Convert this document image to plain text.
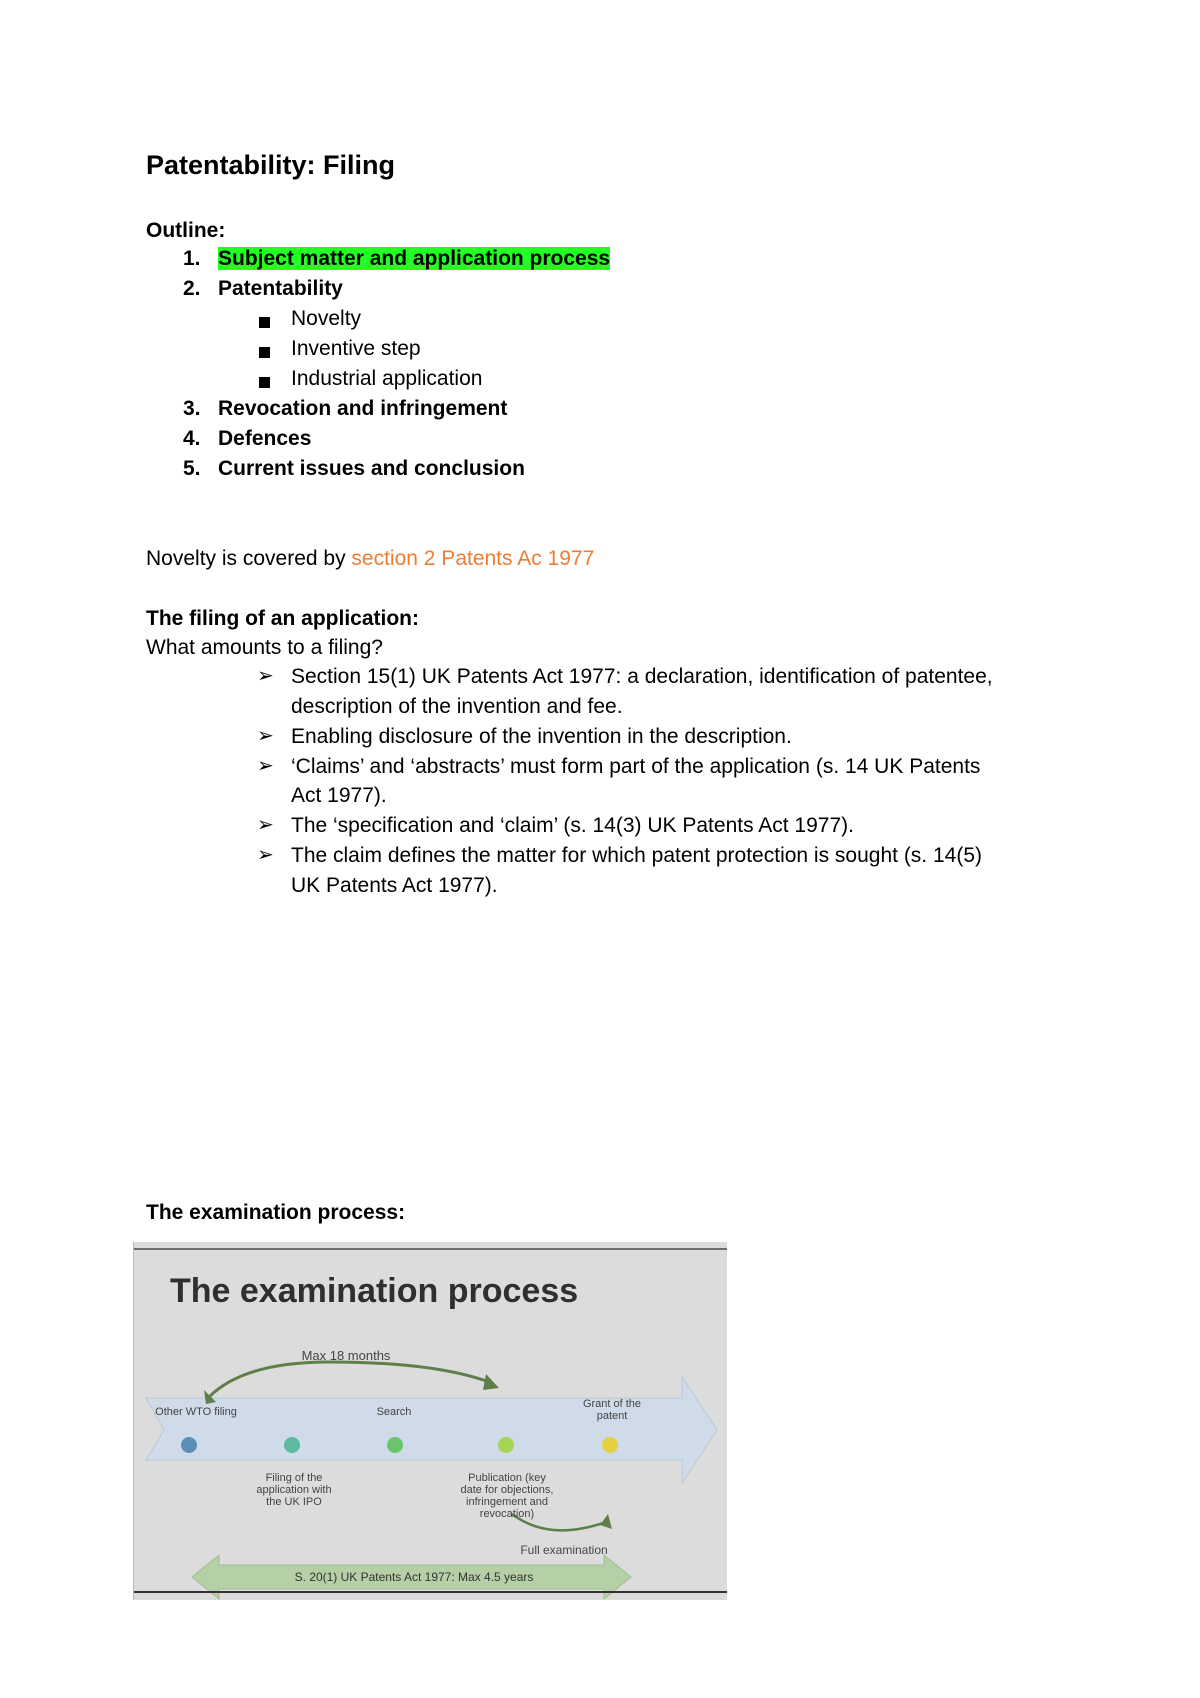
Patentability: Filing
Outline:
1. Subject matter and application process
2. Patentability
Novelty
Inventive step
Industrial application
3. Revocation and infringement
4. Defences
5. Current issues and conclusion
Novelty is covered by section 2 Patents Ac 1977
The filing of an application:
What amounts to a filing?
➢ Section 15(1) UK Patents Act 1977: a declaration, identification of patentee,
description of the invention and fee.
➢ Enabling disclosure of the invention in the description.
➢ ‘Claims’ and ‘abstracts’ must form part of the application (s. 14 UK Patents
Act 1977).
➢ The ‘specification and ‘claim’ (s. 14(3) UK Patents Act 1977).
➢ The claim defines the matter for which patent protection is sought (s. 14(5)
UK Patents Act 1977).
The examination process:
The examination process
Max 18 months
Other WTO filing	Search
Grant of the patent
Filing of the application with the UK IPO
Publication (key date for objections, infringement and revocation)
Full examination
S. 20(1) UK Patents Act 1977: Max 4.5 years
